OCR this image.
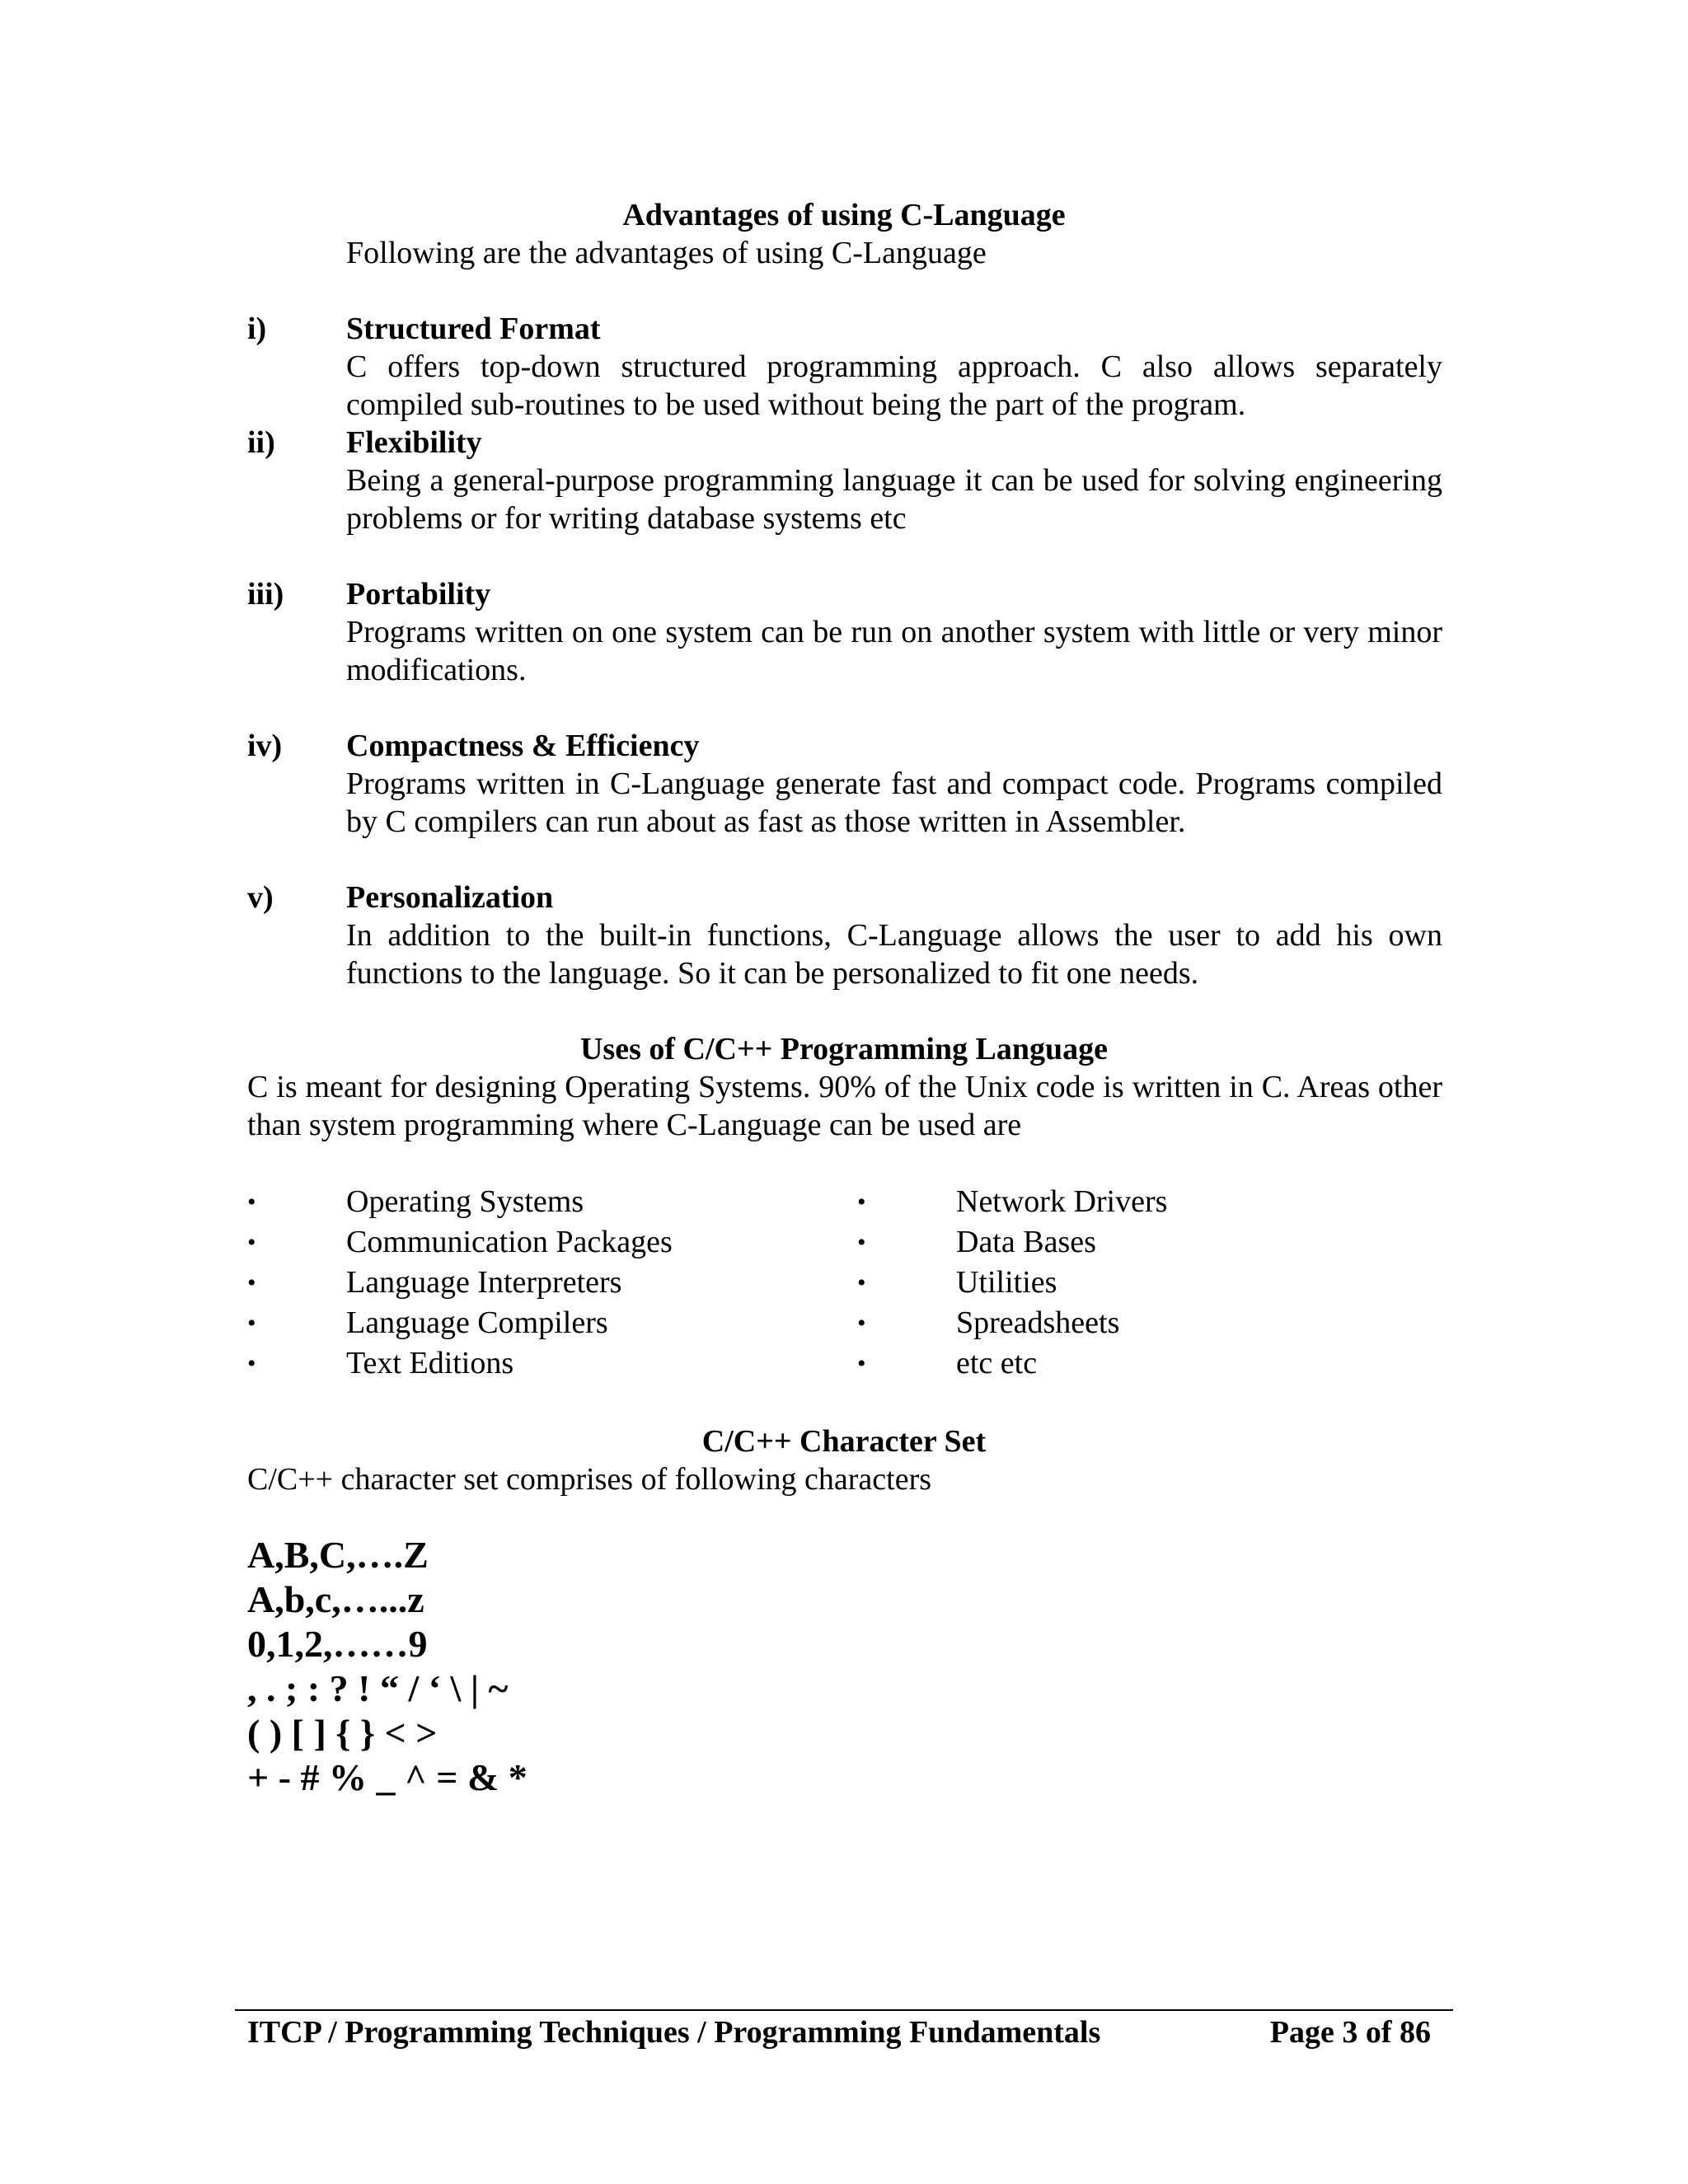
Advantages of using C-Language
Following are the advantages of using C-Language
i)	Structured Format
C offers top-down structured programming approach. C also allows separately compiled sub-routines to be used without being the part of the program.
ii) Flexibility
Being a general-purpose programming language it can be used for solving engineering problems or for writing database systems etc
iii) Portability
Programs written on one system can be run on another system with little or very minor modifications.
iv) Compactness & Efficiency
Programs written in C-Language generate fast and compact code. Programs compiled by C compilers can run about as fast as those written in Assembler.
v) Personalization
In addition to the built-in functions, C-Language allows the user to add his own functions to the language. So it can be personalized to fit one needs.
Uses of C/C++ Programming Language
C is meant for designing Operating Systems. 90% of the Unix code is written in C. Areas other than system programming where C-Language can be used are
•	Operating Systems
•	Communication Packages
•	Language Interpreters
•	Language Compilers
•	Text Editions
•	Network Drivers
•	Data Bases
•	Utilities
•	Spreadsheets
•	etc etc
C/C++ Character Set
C/C++ character set comprises of following characters
A,B,C,….Z
A,b,c,…...z
0,1,2,……9
, . ; : ? ! “ / ‘ \ | ~
( ) [ ] { } < >
+ - # % _ ^ = & *
ITCP / Programming Techniques / Programming Fundamentals	Page 3 of 86
